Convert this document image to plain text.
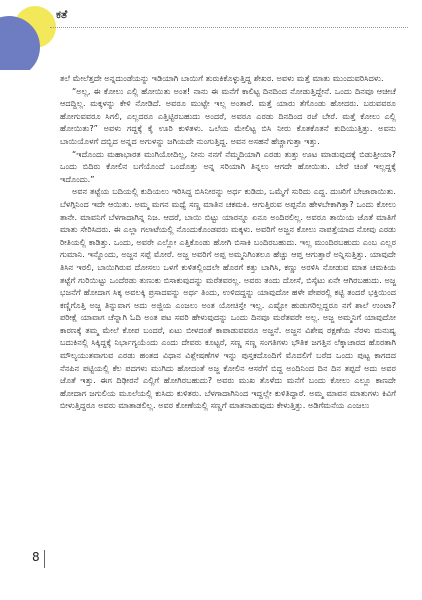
ಕತೆ

ತಲೆ ಮೇಲೆತ್ತದೇ ಅನ್ನದುಂಡೆಯನ್ನು ಇಡಿಯಾಗಿ ಬಾಯಿಗೆ ತುರುಕಿಕೊಳ್ಳುತ್ತಿದ್ದ ಶೇಖರ. ಅವಳು ಮತ್ತೆ ಮಾತು ಮುಂದುವರಿಸಿದಳು.

“ಅಲ್ಲ, ಈ ಕೋಲು ಎಲ್ಲಿ ಹೋಯಿತು ಅಂತ! ನಾನು ಈ ಮನೆಗೆ ಕಾಲಿಟ್ಟ ದಿನದಿಂದ ನೋಡುತ್ತಿದ್ದೇನೆ. ಒಂದು ದಿನವೂ ಆಚೀಚೆ ಆದದ್ದಿಲ್ಲ. ಮಕ್ಕಳನ್ನು ಕೇಳಿ ನೋಡಿದೆ. ಅವರೂ ಮುಟ್ಟೇ ಇಲ್ಲ ಅಂತಾರೆ. ಮತ್ತೆ ಯಾರು ತೆಗೊಂಡು ಹೋದರು. ಬರುವವರೂ ಹೋಗುವವರೂ ಸಿಗಲಿ, ಎಲ್ಲದರೂ ಎತ್ತಿಟ್ಟಿರಬಹುದು ಅಂದರೆ, ಅವರೂ ಎರಡು ದಿನದಿಂದ ರಜೆ ಬೇರೆ. ಮತ್ತೆ ಕೋಲು ಎಲ್ಲಿ ಹೋಯಿತು?” ಅವಳು ಗದ್ದಕ್ಕೆ ಕೈ ಊರಿ ಕುಳಿತಳು. ಒಲೆಯ ಮೇಲಿಟ್ಟ ಬಿಸಿ ನೀರು ಕೊತಕೊತನೆ ಕುದಿಯುತ್ತಿತ್ತು. ಅವನು ಬಾಯಿಯೊಳಗೆ ದಬ್ಬಿದ ಅನ್ನದ ಅಗುಳನ್ನು ಜಗಿಯದೇ ನುಂಗುತ್ತಿದ್ದ. ಅವನ ಅಸಹನೆ ಹೆಚ್ಚಾಗುತ್ತಾ ಇತ್ತು.

“ಇದೊಂದು ಮಹಾಭಾರತ ಮುಗಿಯೋದಿಲ್ಲ, ನೀನು ನನಗೆ ನೆಮ್ಮದಿಯಾಗಿ ಎರಡು ತುತ್ತು ಊಟ ಮಾಡುವುದಕ್ಕೆ ಬಿಡುತ್ತೀಯಾ? ಒಂದು ಬಿದಿರು ಕೋಲಿನ ಬಗೆಯೊಂದೆ ಒಂದೊತ್ತು ಅನ್ನ ಸರಿಯಾಗಿ ತಿನ್ನಲು ಆಗದೇ ಹೋಯಿತು. ಬೇರೆ ಚಿಂತೆ ಇಲ್ಲದ್ದಕ್ಕೆ ಇದೊಂದು.”

ಅವನ ತಟ್ಟೆಯ ಬದಿಯಲ್ಲಿ ಕುದಿಯಲು ಇರಿಸಿದ್ದ ಬಿಸಿನೀರನ್ನು ಅರ್ಧ ಕುಡಿದು, ಒಮ್ಮೆಗೆ ಸುರಿದು ಎದ್ದ. ದುಃಖಿಗೆ ಬೇಜಾರಾಯಿತು. ಬೆಳಗ್ಗಿನಿಂದ ಇದೇ ಆಯಿತು. ಅಮ್ಮ ಮಗನ ಮಧ್ಯೆ ಸಣ್ಣ ಮಾತಿನ ಚಕಮಕಿ. ಆಗುತ್ತಿರುವ ಅಪ್ಪನೊ ಹೇಳಬೇಕಾಗಿತ್ತಾ? ಒಂದು ಕೋಲು ತಾನೇ. ಮಾವನಿಗೆ ಬೆಳಗಾದಾಗಿನ್ನ ನಿಜ. ಆದರೆ, ಬಾಯಿ ಬಿಟ್ಟು ಯಾರನ್ನೂ ಏನೂ ಅಂದಿರಲಿಲ್ಲ. ಅವರೂ ತಾಯಿಯ ಜೊತೆ ಮಾತಿಗೆ ಮಾತು ಸೇರಿಸಿದರು. ಈ ಎಲ್ಲಾ ಗಲಾಟೆಯಲ್ಲಿ ನೊಂದುಕೊಂಡವರು ಮಕ್ಕಳು. ಅವರಿಗೆ ಅಜ್ಜನ ಕೋಲು ನಾಪತ್ತೆಯಾದ ನೋವು ಎರಡು ರೀತಿಯಲ್ಲಿ ಕಾಡಿತ್ತು. ಒಂದು, ಅವರೇ ಎಲ್ಲೋ ಎತ್ತಿಕೊಂಡು ಹೋಗಿ ಬಿಸಾಕಿ ಬಂದಿರಬಹುದು. ಇಲ್ಲ ಮುಂದಿರಬಹುದು ಎಂಬ ಎಲ್ಲರ ಗುಮಾನಿ. ಇನ್ನೊಂದು, ಅಜ್ಜನ ಸಪ್ಪೆ ಮೋರೆ. ಅಜ್ಜ ಅವರಿಗೆ ಅಪ್ಪ ಅಮ್ಮನಿಗಿಂತಲೂ ಹೆಚ್ಚು ಆಪ್ತ ಆಗುತ್ತಾರೆ ಅನ್ನಿಸುತ್ತಿತ್ತು. ಯಾವುದೇ ತಿಸಿನ ಇರಲಿ, ಬಾಯಿಗಿರುವ ದೋಸಲು ಒಳಗೆ ಕುಳಿತಲ್ಲಿಂದಲೇ ಹೊರಗೆ ಕತ್ತು ಬಾಗಿಸಿ, ಕಣ್ಣು ಅರಳಿಸಿ ನೋಡುವ ಮಾತ ಚಮಕಿಯ ತಟ್ಟೆಗೆ ಗುರಿಯಿಟ್ಟು ಒಂದೆರಡು ತುಣುಕು ಬಿಸಾಕುವುದನ್ನು ಮರೆತವರಲ್ಲ. ಅವರು ತಂದು ದೋಸೆ, ಬಿಸ್ಕೆಟು ಏನೇ ಆಗಿರಬಹುದು. ಅಜ್ಜ ಭಜನೆಗೆ ಹೋದಾಗ ಸಿಕ್ಕ ಅವಲಕ್ಕಿ ಪ್ರಸಾದವನ್ನು ಅರ್ಧ ತಿಂದು, ಉಳಿದದ್ದನ್ನು ಯಾವುದೋ ಹಳೇ ಪೇಪರಲ್ಲಿ ಕಟ್ಟಿ ತಂದರೆ ಭಕ್ತಿಯಿಂದ ಕಣ್ಣಿಗೊತ್ತಿ ಅಜ್ಜ ತಿನ್ನುವಾಗ ಅದು ಅಜ್ಜಿಯ ಎಂಜಲು ಅಂತ ಯೋಚಿಸ್ತೇ ಇಲ್ಲ. ಎಷ್ಟೋ ಹುಡುಗರಿಲ್ಲದ್ದರೂ ನಗೆ ಶಾಲೆ ಉಂಟಾ? ಪರೀಕ್ಷೆ ಯಾವಾಗ ಚೆನ್ನಾಗಿ ಓದಿ ಅಂತ ಪಟ ಸವರಿ ಹೇಳುವುದನ್ನು ಒಂದು ದಿನವೂ ಮರೆತವರೇ ಅಲ್ಲ. ಅಜ್ಜ ಅಮ್ಮನಿಗೆ ಯಾವುದೋ ಕಾರಣಕ್ಕೆ ತಮ್ಮ ಮೇಲೆ ಕೋಪ ಬಂದರೆ, ಏಟು ಬೀಳದಂತೆ ಕಾಪಾಡುವವರೂ ಅಜ್ಜನೆ. ಅಜ್ಜನ ವಿಶೇಷ ರಕ್ಷಣೆಯ ನೆರಳು ಮನುಷ್ಯ ಬದುಕಿನಲ್ಲಿ ಸಿಕ್ಕಿದ್ದಕ್ಕೆ ನಿರ್ಭಾಗ್ಯಯೆಂದು ಎಂದು ದೇವರು ಕೂಟ್ಟರೆ, ಸಣ್ಣ ಸಣ್ಣ ಸಂಗತಿಗಳು ಭೌತಿಕ ಜಗತ್ತಿನ ಲೆಕ್ಕಾಚಾರದ ಹೊರತಾಗಿ ಮೌಲ್ಯಯುತವಾಗುವ ಎರಡು ಹಂತದ ವಿಧಾನ ವಿಶ್ಲೇಷಣೆಗಳ ಇನ್ನು ಪುಸ್ತಕದೊಂದಿಗೆ ಮೊದಲಿಗೆ ಬರೆದ ಒಂದು ಪುಟ್ಟ ಕಾಗದದ ನೆನಪಿನ ಪಟ್ಟಿಯಲ್ಲಿ ಕೆಲ ಪದಗಳು ಮುಗಿದು ಹೋದಂತೆ ಅಜ್ಜ ಕೋಲಿನ ಆಸರೆಗೆ ಬಿದ್ದ ಅಂದಿನಿಂದ ದಿನ ದಿನ ತಪ್ಪದೆ ಅದು ಅವರ ಜೊತೆ ಇತ್ತು. ಈಗ ದಿಢೀರನೆ ಎಲ್ಲಿಗೆ ಹೋಗಿರಬಹುದು? ಅವರು ಮುಖ ತೊಳೆದು ಮನೆಗೆ ಬಂದು ಕೋಲು ಎಲ್ಲೂ ಕಾಣದೇ ಹೋದಾಗ ಜಗುಲಿಯ ಮೂಲೆಯಲ್ಲಿ ಕುಸಿದು ಕುಳಿತರು. ಬೆಳಗಾದಾಗಿನಿಂದ ಇದ್ದಲ್ಲೇ ಕುಳಿತಿದ್ದಾರೆ. ಅಮ್ಮ ಮಾವನ ಮಾತುಗಳು ಕಿವಿಗೆ ಬೀಳುತ್ತಿದ್ದರೂ ಅವರು ಮಾತಾಡಲಿಲ್ಲ. ಅವರ ಕೋಣೆಯಲ್ಲಿ ಸಣ್ಣಗೆ ಮಾತನಾಡುವುದು ಕೇಳುತ್ತಿತ್ತು. ಅಡಿಗೆಮನೆಯ ಎಂಜಲು

8
